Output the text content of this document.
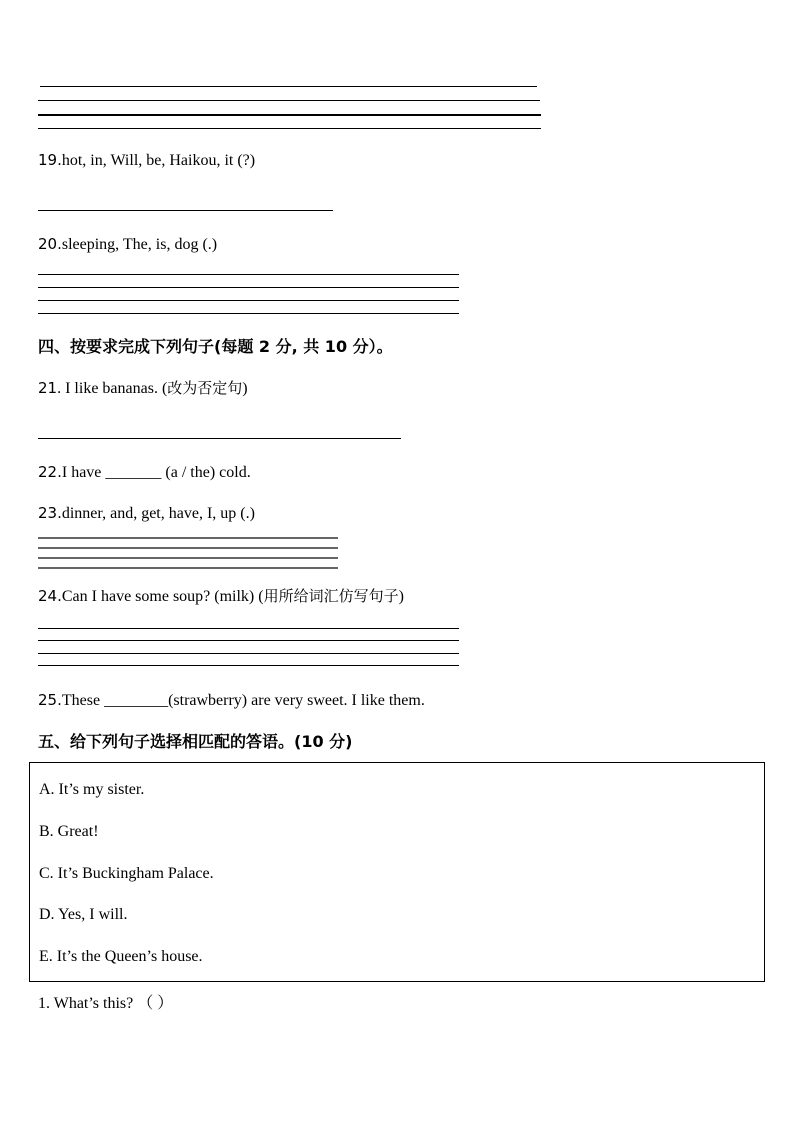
19.hot, in, Will, be, Haikou, it (?)
20.sleeping, The, is, dog (.)
四、按要求完成下列句子(每题 2 分, 共 10 分）。
21. I like bananas. (改为否定句)
22.I have _______ (a / the) cold.
23.dinner, and, get, have, I, up (.)
24.Can I have some soup? (milk) (用所给词汇仿写句子)
25.These ________(strawberry) are very sweet. I like them.
五、给下列句子选择相匹配的答语。(10 分)
A. It’s my sister.
B. Great!
C. It’s Buckingham Palace.
D. Yes, I will.
E. It’s the Queen’s house.
1. What’s this? （ ）
